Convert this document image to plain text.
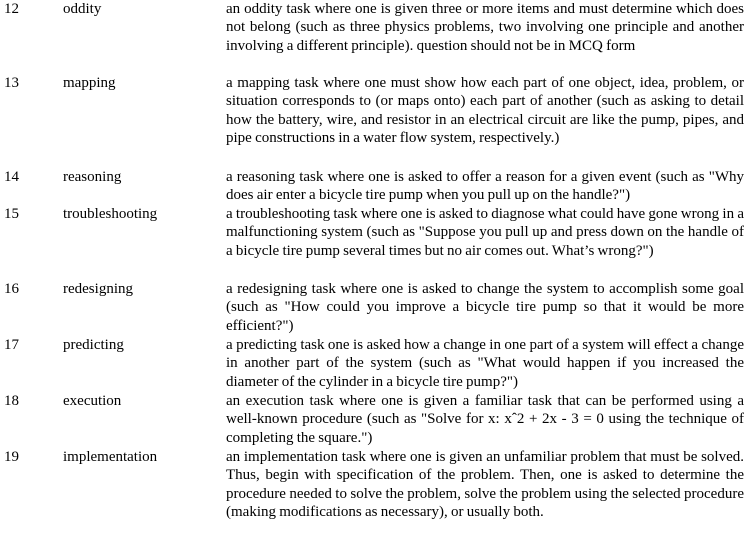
12	oddity	an oddity task where one is given three or more items and must determine which does not belong (such as three physics problems, two involving one principle and another involving a different principle). question should not be in MCQ form
13	mapping	a mapping task where one must show how each part of one object, idea, problem, or situation corresponds to (or maps onto) each part of another (such as asking to detail how the battery, wire, and resistor in an electrical circuit are like the pump, pipes, and pipe constructions in a water flow system, respectively.)
14	reasoning	a reasoning task where one is asked to offer a reason for a given event (such as "Why does air enter a bicycle tire pump when you pull up on the handle?")
15	troubleshooting	a troubleshooting task where one is asked to diagnose what could have gone wrong in a malfunctioning system (such as "Suppose you pull up and press down on the handle of a bicycle tire pump several times but no air comes out. What’s wrong?")
16	redesigning	a redesigning task where one is asked to change the system to accomplish some goal (such as "How could you improve a bicycle tire pump so that it would be more efficient?")
17	predicting	a predicting task one is asked how a change in one part of a system will effect a change in another part of the system (such as "What would happen if you increased the diameter of the cylinder in a bicycle tire pump?")
18	execution	an execution task where one is given a familiar task that can be performed using a well-known procedure (such as "Solve for x: xˆ2 + 2x - 3 = 0 using the technique of completing the square.")
19	implementation	an implementation task where one is given an unfamiliar problem that must be solved. Thus, begin with specification of the problem. Then, one is asked to determine the procedure needed to solve the problem, solve the problem using the selected procedure (making modifications as necessary), or usually both.
